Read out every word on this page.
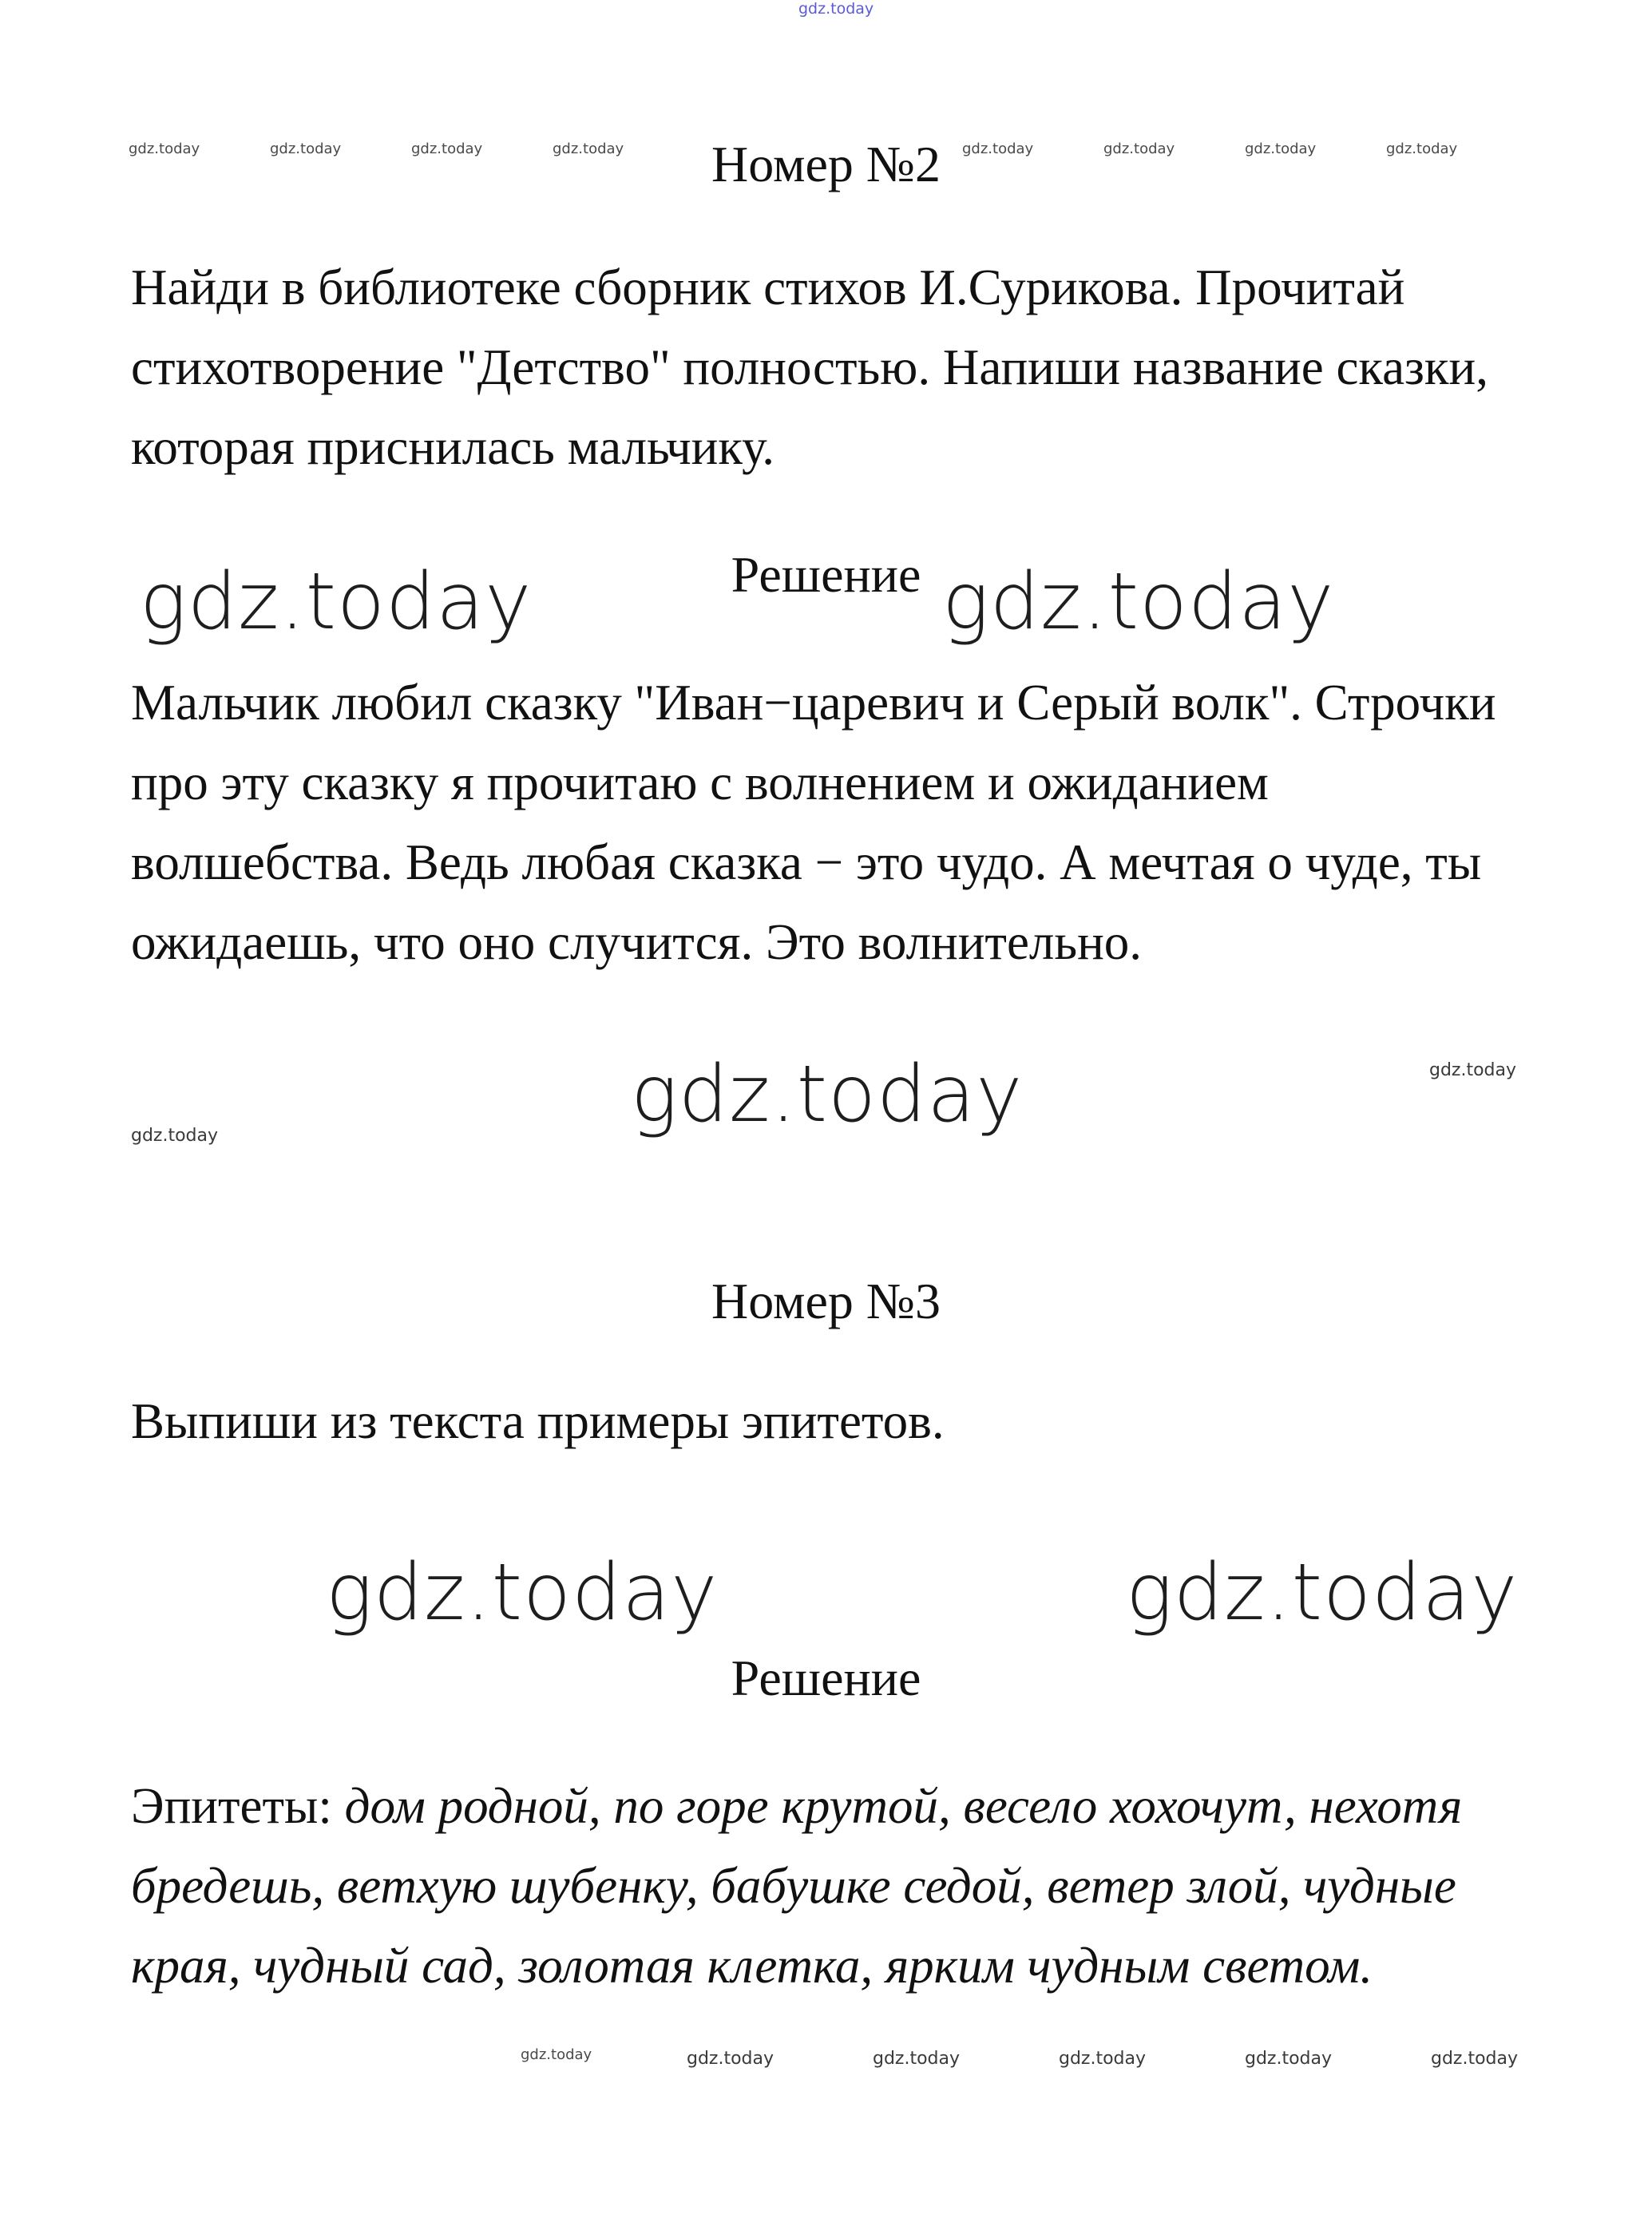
gdz.today
gdz.today	gdz.today	gdz.today	gdz.today	gdz.today	gdz.today	gdz.today	gdz.today
gdz.today	gdz.today
gdz.today
gdz.today
gdz.today
gdz.today	gdz.today
gdz.today	gdz.today	gdz.today	gdz.today	gdz.today	gdz.today
Номер №2

Найди в библиотеке сборник стихов И.Сурикова. Прочитай стихотворение "Детство" полностью. Напиши название сказки, которая приснилась мальчику.

Решение

Мальчик любил сказку "Иван−царевич и Серый волк". Строчки про эту сказку я прочитаю с волнением и ожиданием волшебства. Ведь любая сказка − это чудо. А мечтая о чуде, ты ожидаешь, что оно случится. Это волнительно.

Номер №3

Выпиши из текста примеры эпитетов.

Решение

Эпитеты: дом родной, по горе крутой, весело хохочут, нехотя бредешь, ветхую шубенку, бабушке седой, ветер злой, чудные края, чудный сад, золотая клетка, ярким чудным светом.
